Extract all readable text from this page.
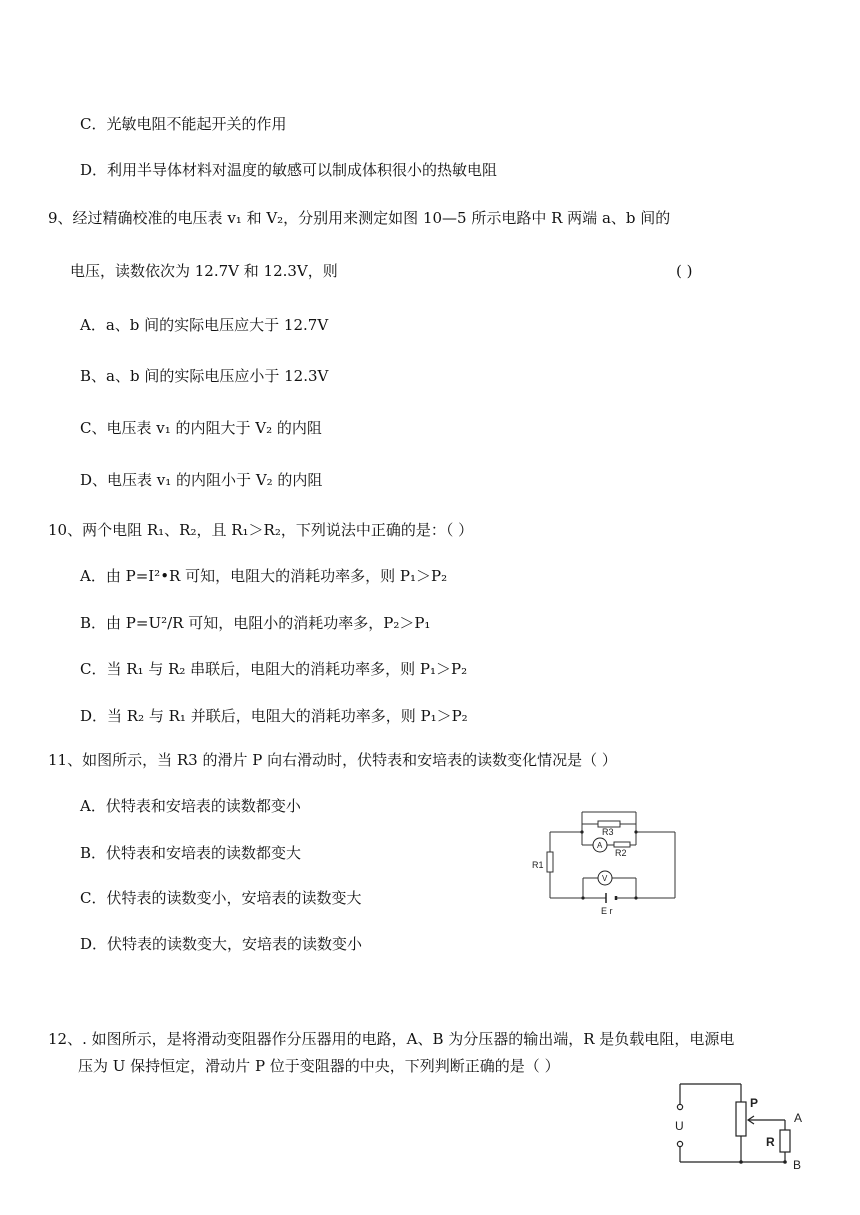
C．光敏电阻不能起开关的作用
D．利用半导体材料对温度的敏感可以制成体积很小的热敏电阻
9、经过精确校准的电压表 v₁ 和 V₂，分别用来测定如图 10—5 所示电路中 R 两端 a、b 间的
电压，读数依次为 12.7V 和 12.3V，则	( )
A．a、b 间的实际电压应大于 12.7V
B、a、b 间的实际电压应小于 12.3V
C、电压表 v₁ 的内阻大于 V₂ 的内阻
D、电压表 v₁ 的内阻小于 V₂ 的内阻
10、两个电阻 R₁、R₂，且 R₁＞R₂，下列说法中正确的是：（ ）
A．由 P=I²•R 可知，电阻大的消耗功率多，则 P₁＞P₂
B．由 P=U²/R 可知，电阻小的消耗功率多，P₂＞P₁
C．当 R₁ 与 R₂ 串联后，电阻大的消耗功率多，则 P₁＞P₂
D．当 R₂ 与 R₁ 并联后，电阻大的消耗功率多，则 P₁＞P₂
11、如图所示，当 R3 的滑片 P 向右滑动时，伏特表和安培表的读数变化情况是（ ）
A．伏特表和安培表的读数都变小
B．伏特表和安培表的读数都变大
C．伏特表的读数变小，安培表的读数变大
D．伏特表的读数变大，安培表的读数变小
R3
R2
R1
A
V
E r
12、. 如图所示，是将滑动变阻器作分压器用的电路，A、B 为分压器的输出端，R 是负载电阻，电源电
压为 U 保持恒定，滑动片 P 位于变阻器的中央，下列判断正确的是（ ）
U
P
R
A
B
